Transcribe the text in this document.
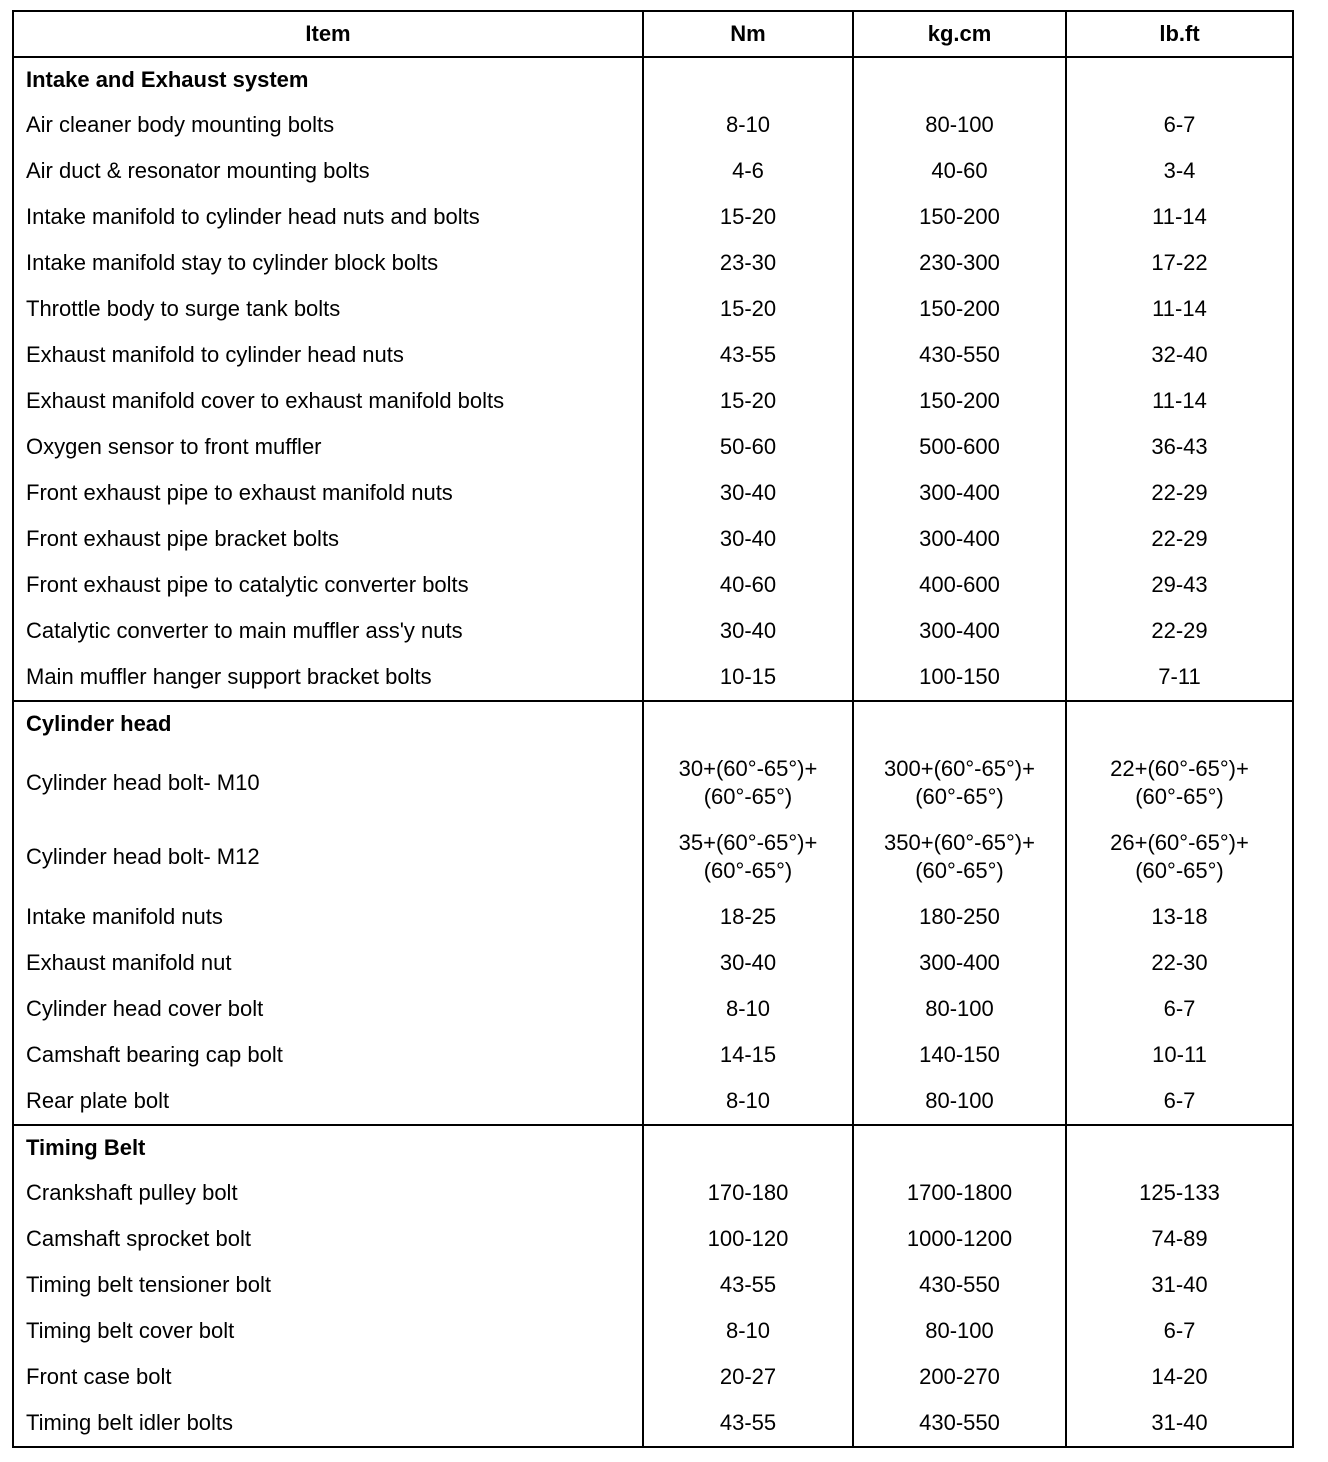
Item	Nm	kg.cm	lb.ft
Intake and Exhaust system			
Air cleaner body mounting bolts	8-10	80-100	6-7
Air duct & resonator mounting bolts	4-6	40-60	3-4
Intake manifold to cylinder head nuts and bolts	15-20	150-200	11-14
Intake manifold stay to cylinder block bolts	23-30	230-300	17-22
Throttle body to surge tank bolts	15-20	150-200	11-14
Exhaust manifold to cylinder head nuts	43-55	430-550	32-40
Exhaust manifold cover to exhaust manifold bolts	15-20	150-200	11-14
Oxygen sensor to front muffler	50-60	500-600	36-43
Front exhaust pipe to exhaust manifold nuts	30-40	300-400	22-29
Front exhaust pipe bracket bolts	30-40	300-400	22-29
Front exhaust pipe to catalytic converter bolts	40-60	400-600	29-43
Catalytic converter to main muffler ass'y nuts	30-40	300-400	22-29
Main muffler hanger support bracket bolts	10-15	100-150	7-11
Cylinder head			
Cylinder head bolt- M10	30+(60°-65°)+(60°-65°)	300+(60°-65°)+(60°-65°)	22+(60°-65°)+(60°-65°)
Cylinder head bolt- M12	35+(60°-65°)+(60°-65°)	350+(60°-65°)+(60°-65°)	26+(60°-65°)+(60°-65°)
Intake manifold nuts	18-25	180-250	13-18
Exhaust manifold nut	30-40	300-400	22-30
Cylinder head cover bolt	8-10	80-100	6-7
Camshaft bearing cap bolt	14-15	140-150	10-11
Rear plate bolt	8-10	80-100	6-7
Timing Belt			
Crankshaft pulley bolt	170-180	1700-1800	125-133
Camshaft sprocket bolt	100-120	1000-1200	74-89
Timing belt tensioner bolt	43-55	430-550	31-40
Timing belt cover bolt	8-10	80-100	6-7
Front case bolt	20-27	200-270	14-20
Timing belt idler bolts	43-55	430-550	31-40
